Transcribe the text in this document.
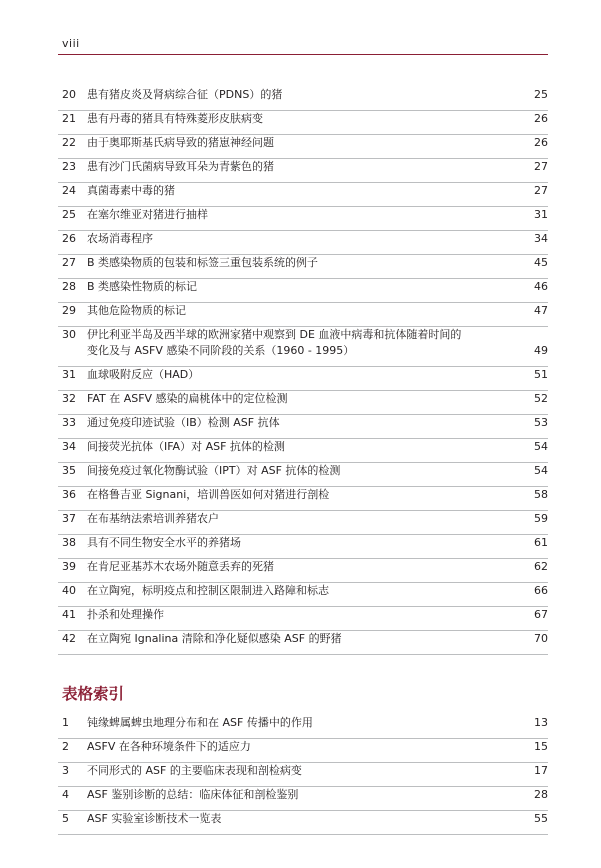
viii
20	患有猪皮炎及肾病综合征（PDNS）的猪	25
21	患有丹毒的猪具有特殊菱形皮肤病变	26
22	由于奥耶斯基氏病导致的猪崽神经问题	26
23	患有沙门氏菌病导致耳朵为青紫色的猪	27
24	真菌毒素中毒的猪	27
25	在塞尔维亚对猪进行抽样	31
26	农场消毒程序	34
27	B 类感染物质的包装和标签三重包装系统的例子	45
28	B 类感染性物质的标记	46
29	其他危险物质的标记	47
30	伊比利亚半岛及西半球的欧洲家猪中观察到 DE 血液中病毒和抗体随着时间的
变化及与 ASFV 感染不同阶段的关系（1960 - 1995）	49
31	血球吸附反应（HAD）	51
32	FAT 在 ASFV 感染的扁桃体中的定位检测	52
33	通过免疫印迹试验（IB）检测 ASF 抗体	53
34	间接荧光抗体（IFA）对 ASF 抗体的检测	54
35	间接免疫过氧化物酶试验（IPT）对 ASF 抗体的检测	54
36	在格鲁吉亚 Signani，培训兽医如何对猪进行剖检	58
37	在布基纳法索培训养猪农户	59
38	具有不同生物安全水平的养猪场	61
39	在肯尼亚基苏木农场外随意丢弃的死猪	62
40	在立陶宛，标明疫点和控制区限制进入路障和标志	66
41	扑杀和处理操作	67
42	在立陶宛 Ignalina 清除和净化疑似感染 ASF 的野猪	70
表格索引
1	钝缘蜱属蜱虫地理分布和在 ASF 传播中的作用	13
2	ASFV 在各种环境条件下的适应力	15
3	不同形式的 ASF 的主要临床表现和剖检病变	17
4	ASF 鉴别诊断的总结：临床体征和剖检鉴别	28
5	ASF 实验室诊断技术一览表	55
